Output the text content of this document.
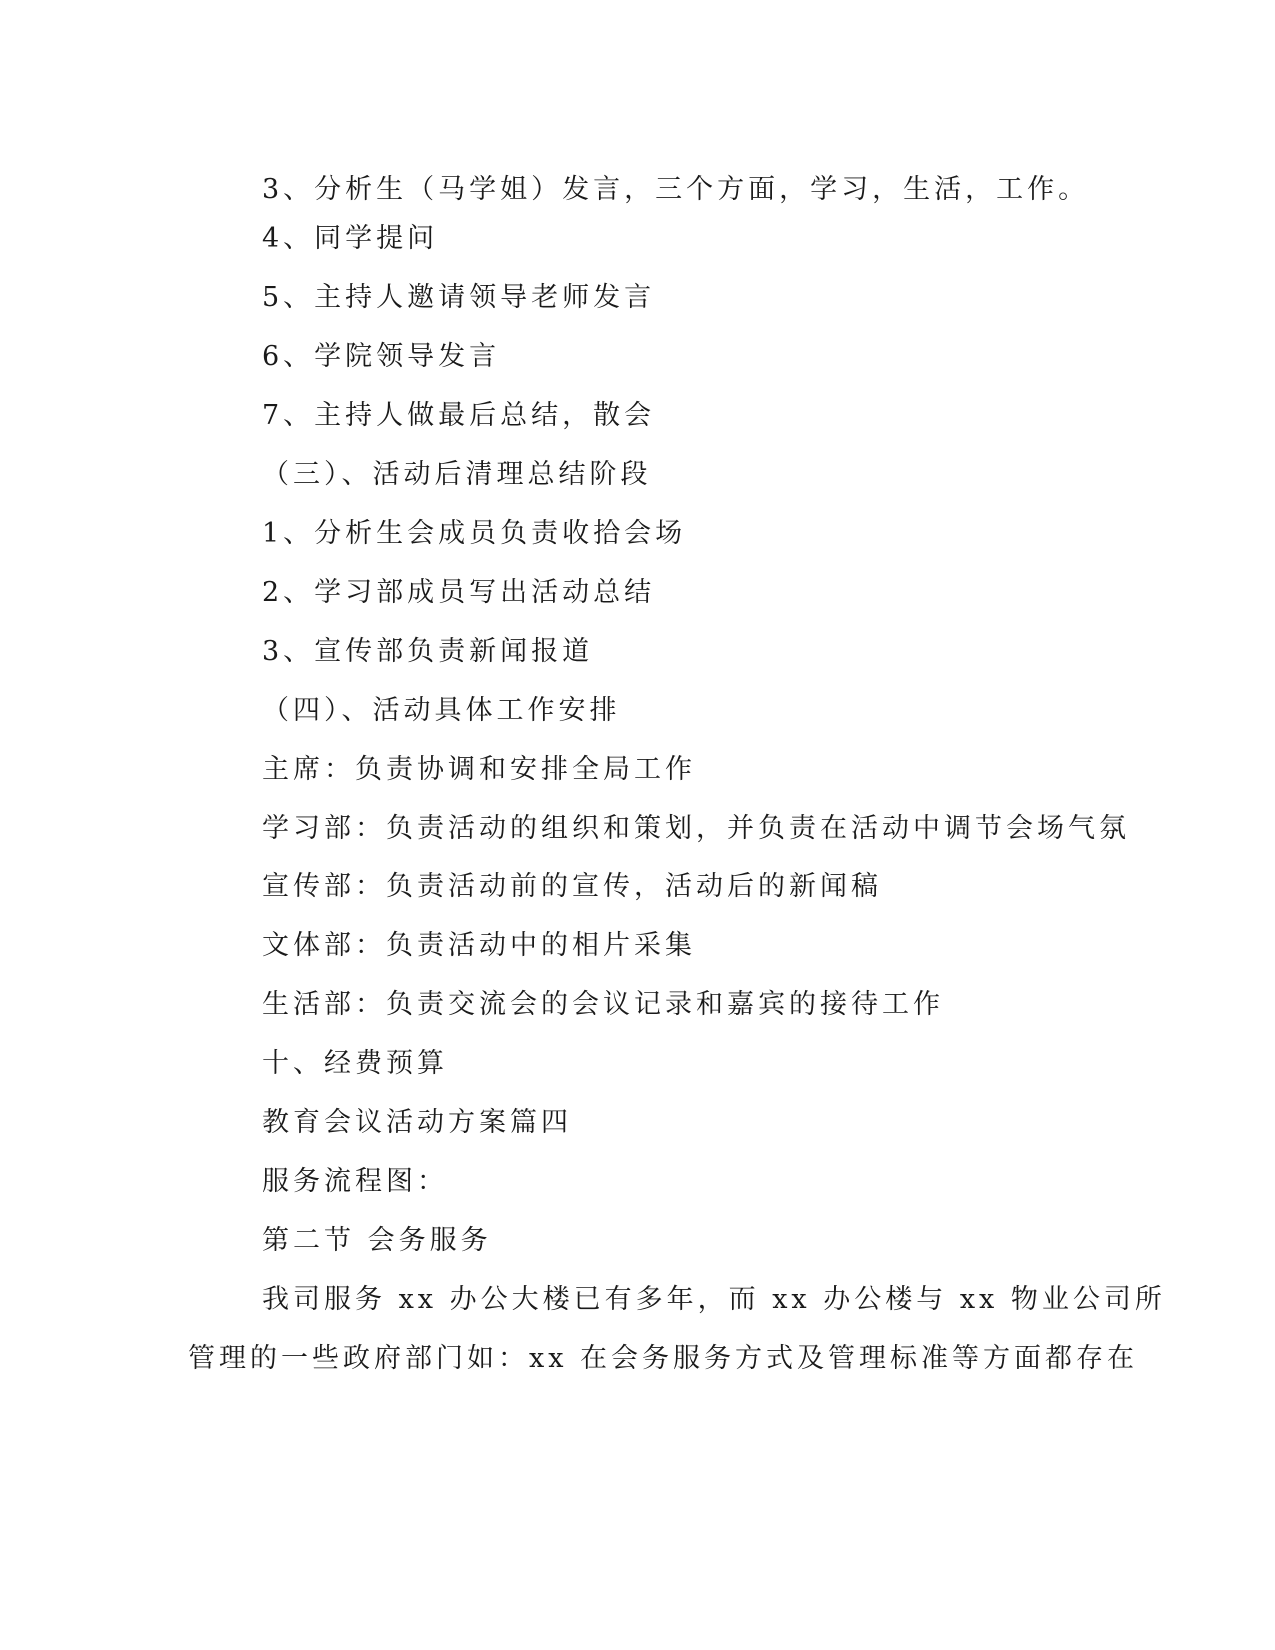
3、分析生（马学姐）发言，三个方面，学习，生活，工作。
4、同学提问
5、主持人邀请领导老师发言
6、学院领导发言
7、主持人做最后总结，散会
（三）、活动后清理总结阶段
1、分析生会成员负责收拾会场
2、学习部成员写出活动总结
3、宣传部负责新闻报道
（四）、活动具体工作安排
主席：负责协调和安排全局工作
学习部：负责活动的组织和策划，并负责在活动中调节会场气氛
宣传部：负责活动前的宣传，活动后的新闻稿
文体部：负责活动中的相片采集
生活部：负责交流会的会议记录和嘉宾的接待工作
十、经费预算
教育会议活动方案篇四
服务流程图：
第二节 会务服务
我司服务 xx 办公大楼已有多年，而 xx 办公楼与 xx 物业公司所
管理的一些政府部门如：xx 在会务服务方式及管理标准等方面都存在
